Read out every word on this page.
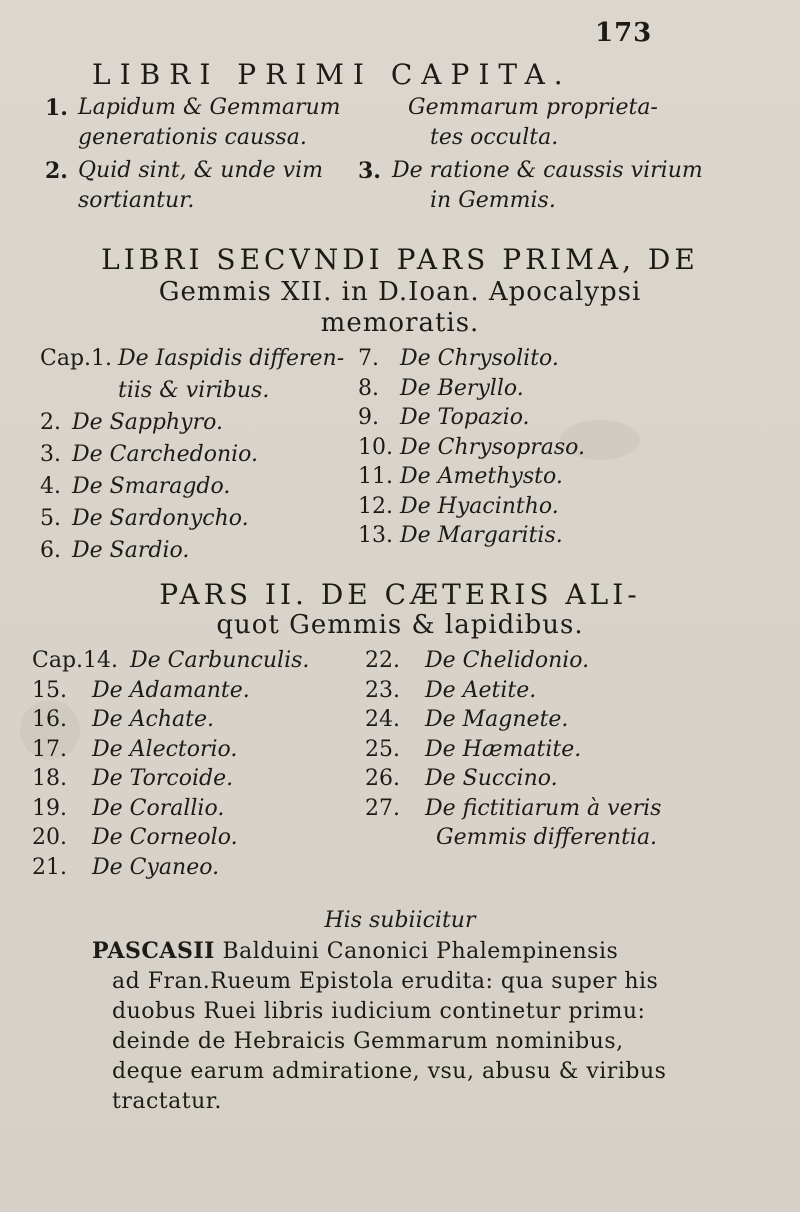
173
LIBRI PRIMI CAPITA.
1. Lapidum & Gemmarum
generationis caussa.
2. Quid sint, & unde vim
sortiantur.
Gemmarum proprieta-
tes occulta.
3. De ratione & caussis virium
in Gemmis.
LIBRI SECVNDI PARS PRIMA, DE
Gemmis XII. in D.Ioan. Apocalypsi
memoratis.
Cap.1. De Iaspidis differen-
tiis & viribus.
2. De Sapphyro.
3. De Carchedonio.
4. De Smaragdo.
5. De Sardonycho.
6. De Sardio.
7. De Chrysolito.
8. De Beryllo.
9. De Topazio.
10. De Chrysopraso.
11. De Amethysto.
12. De Hyacintho.
13. De Margaritis.
PARS II. DE CÆTERIS ALI-
quot Gemmis & lapidibus.
Cap.14. De Carbunculis.
15. De Adamante.
16. De Achate.
17. De Alectorio.
18. De Torcoide.
19. De Corallio.
20. De Corneolo.
21. De Cyaneo.
22. De Chelidonio.
23. De Aetite.
24. De Magnete.
25. De Hæmatite.
26. De Succino.
27. De fictitiarum à veris
Gemmis differentia.
His subiicitur
PASCASII Balduini Canonici Phalempinensis
ad Fran.Rueum Epistola erudita: qua super his
duobus Ruei libris iudicium continetur primu:
deinde de Hebraicis Gemmarum nominibus,
deque earum admiratione, vsu, abusu & viribus
tractatur.
